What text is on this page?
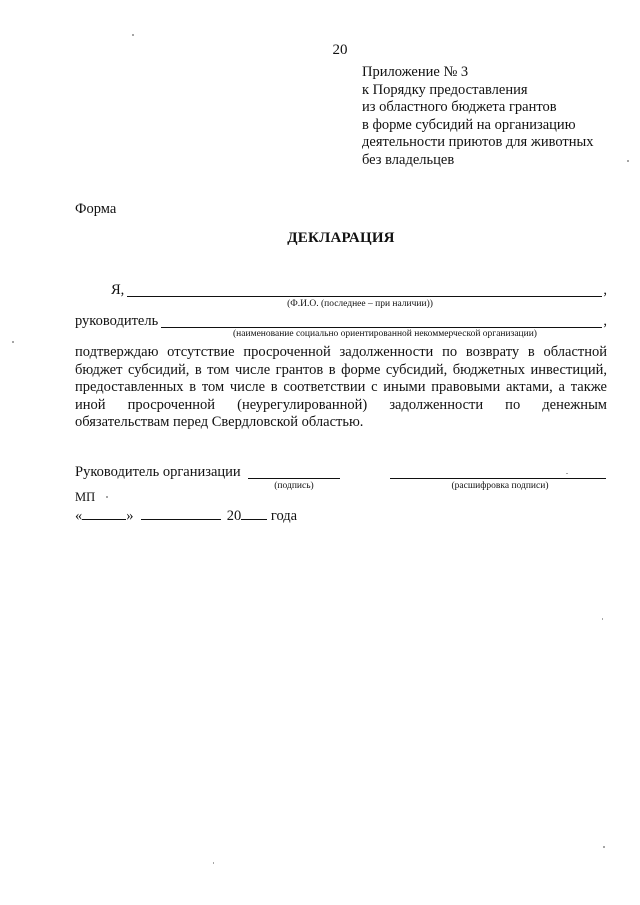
20
Приложение № 3
к Порядку предоставления
из областного бюджета грантов
в форме субсидий на организацию
деятельности приютов для животных
без владельцев
Форма
ДЕКЛАРАЦИЯ
Я,	,
(Ф.И.О. (последнее – при наличии))
руководитель	,
(наименование социально ориентированной некоммерческой организации)
подтверждаю отсутствие просроченной задолженности по возврату в областной бюджет субсидий, в том числе грантов в форме субсидий, бюджетных инвестиций, предоставленных в том числе в соответствии с иными правовыми актами, а также иной просроченной (неурегулированной) задолженности по денежным обязательствам перед Свердловской областью.
Руководитель организации
(подпись)	(расшифровка подписи)
МП
«	»	20 года
